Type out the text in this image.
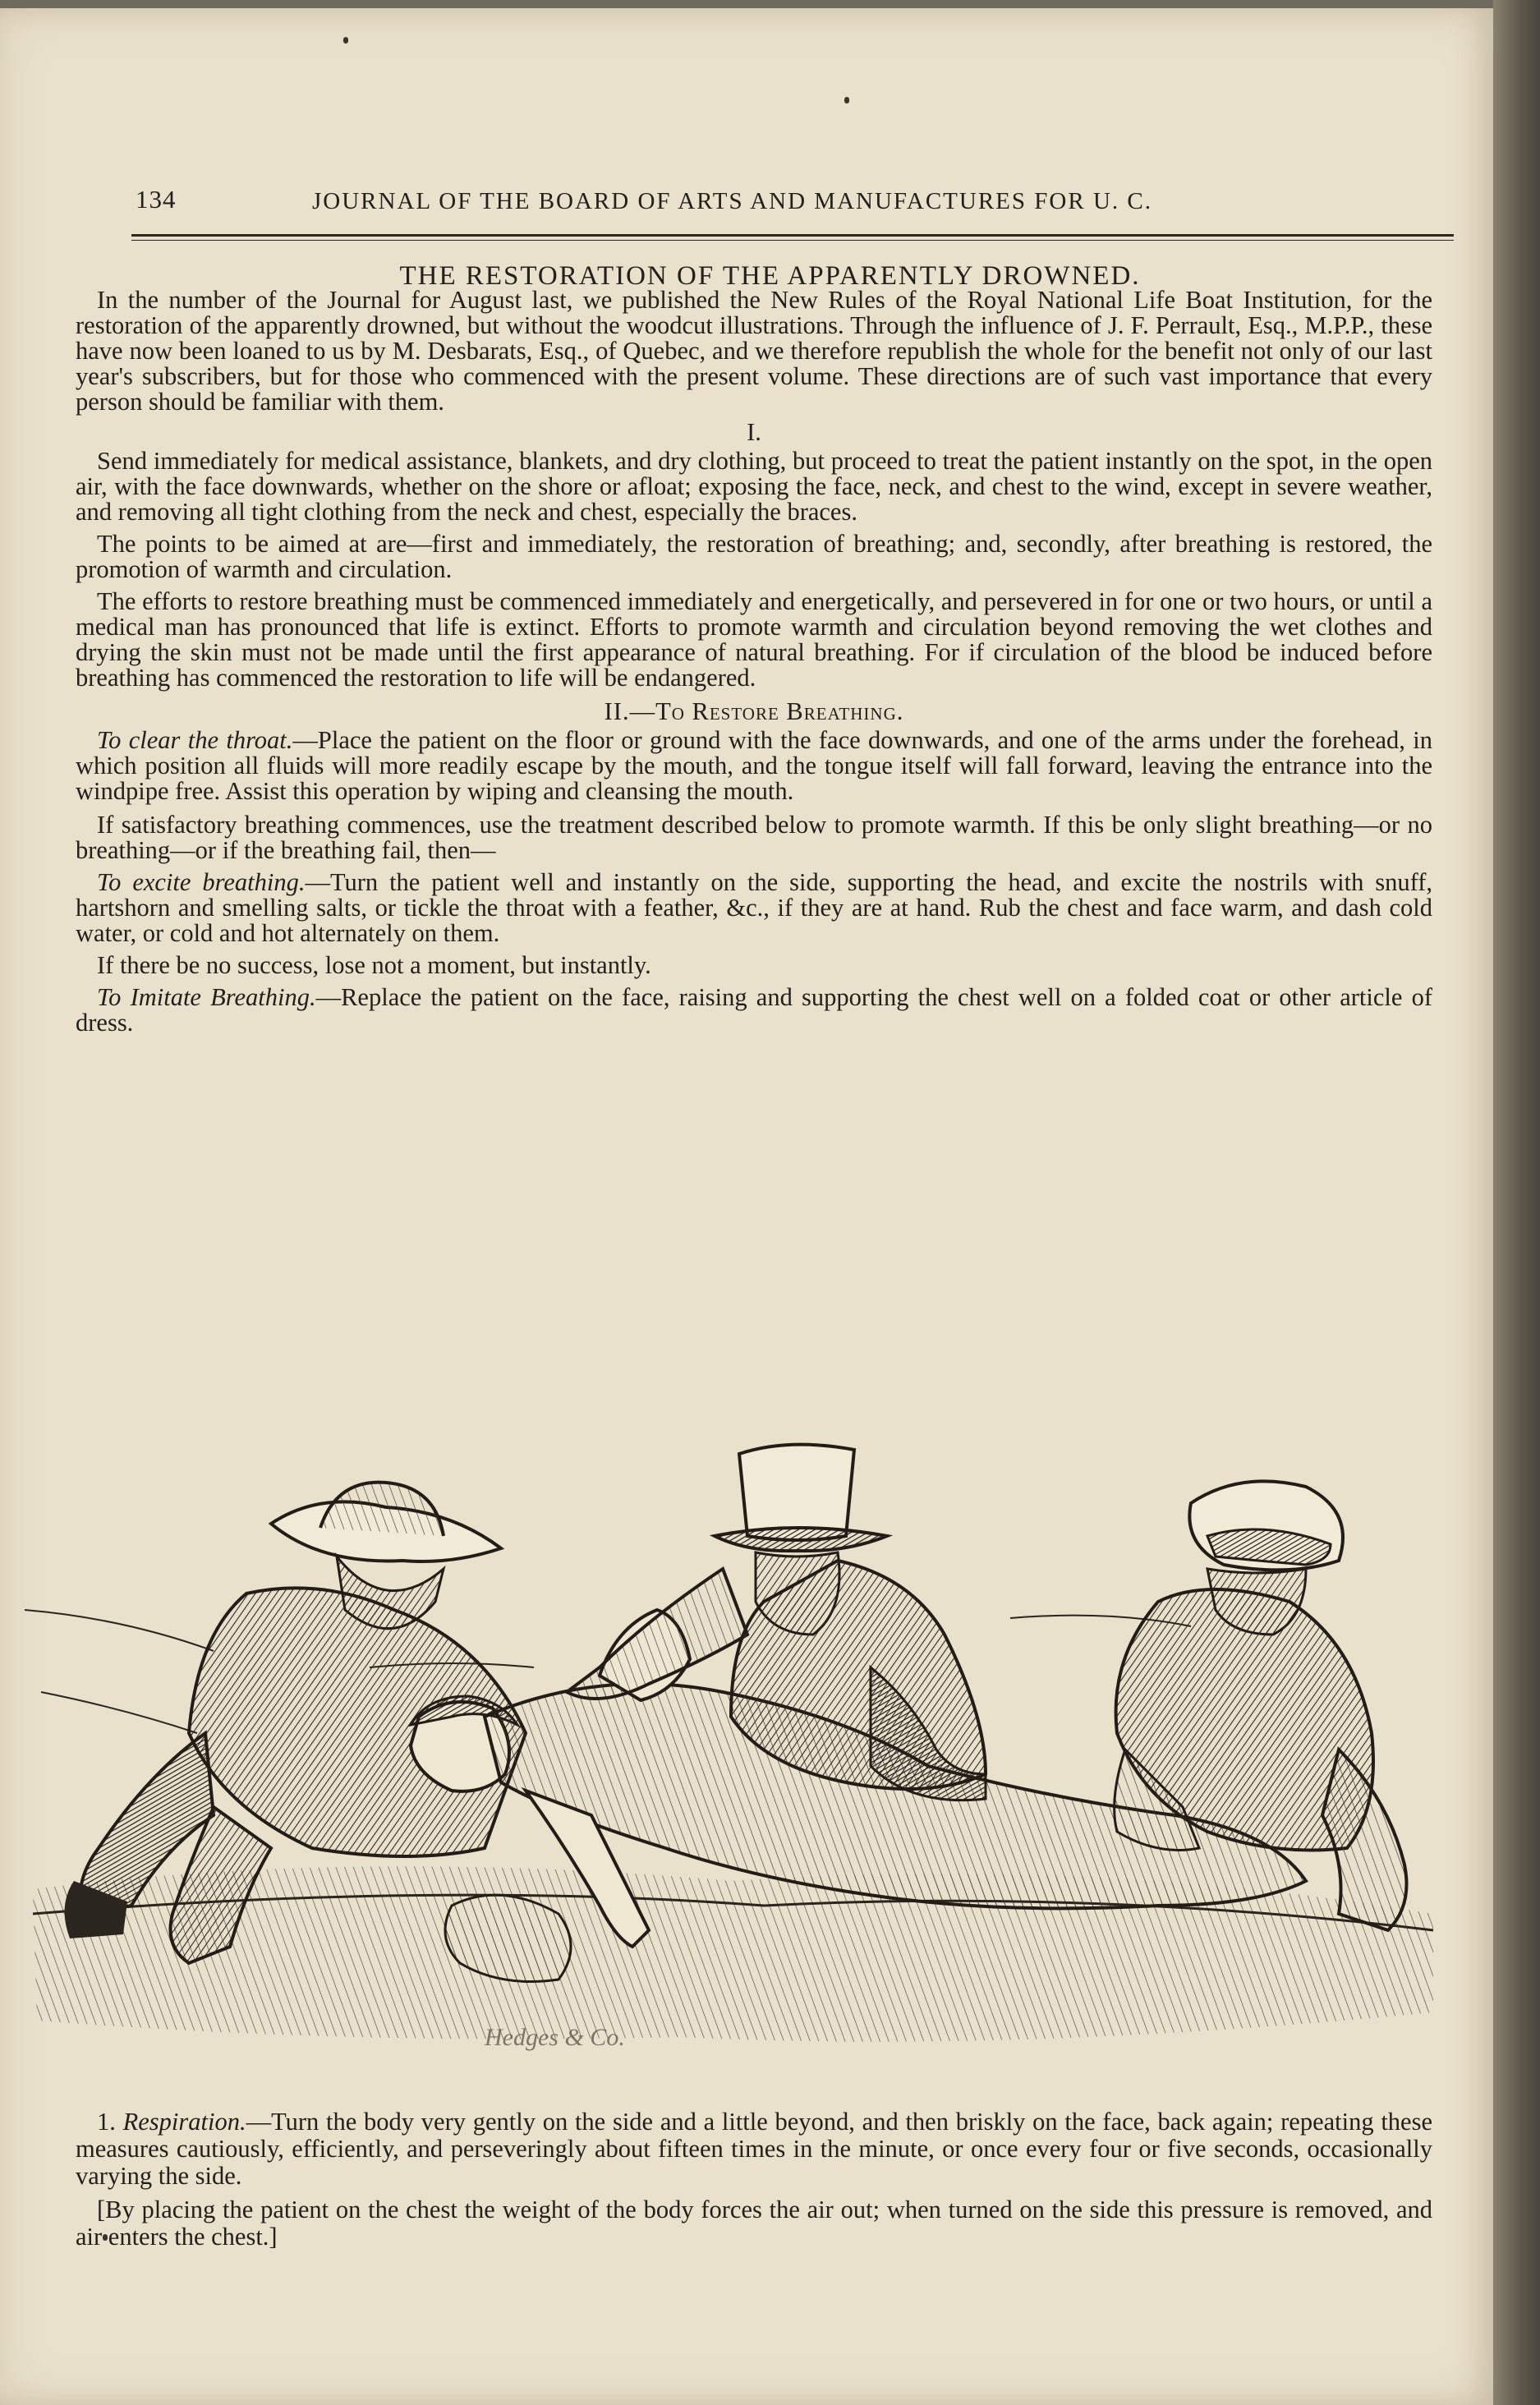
134	JOURNAL OF THE BOARD OF ARTS AND MANUFACTURES FOR U. C.
THE RESTORATION OF THE APPARENTLY DROWNED.

In the number of the Journal for August last, we published the New Rules of the Royal National Life Boat Institution, for the restoration of the apparently drowned, but without the woodcut illustrations. Through the influence of J. F. Perrault, Esq., M.P.P., these have now been loaned to us by M. Desbarats, Esq., of Quebec, and we therefore republish the whole for the benefit not only of our last year's subscribers, but for those who commenced with the present volume. These directions are of such vast importance that every person should be familiar with them.

I.

Send immediately for medical assistance, blankets, and dry clothing, but proceed to treat the patient instantly on the spot, in the open air, with the face downwards, whether on the shore or afloat; exposing the face, neck, and chest to the wind, except in severe weather, and removing all tight clothing from the neck and chest, especially the braces.

The points to be aimed at are—first and immediately, the restoration of breathing; and, secondly, after breathing is restored, the promotion of warmth and circulation.

The efforts to restore breathing must be commenced immediately and energetically, and persevered in for one or two hours, or until a medical man has pronounced that life is extinct. Efforts to promote warmth and circulation beyond removing the wet clothes and drying the skin must not be made until the first appearance of natural breathing. For if circulation of the blood be induced before breathing has commenced the restoration to life will be endangered.

II.—To Restore Breathing.

To clear the throat.—Place the patient on the floor or ground with the face downwards, and one of the arms under the forehead, in which position all fluids will more readily escape by the mouth, and the tongue itself will fall forward, leaving the entrance into the windpipe free. Assist this operation by wiping and cleansing the mouth.

If satisfactory breathing commences, use the treatment described below to promote warmth. If this be only slight breathing—or no breathing—or if the breathing fail, then—

To excite breathing.—Turn the patient well and instantly on the side, supporting the head, and excite the nostrils with snuff, hartshorn and smelling salts, or tickle the throat with a feather, &c., if they are at hand. Rub the chest and face warm, and dash cold water, or cold and hot alternately on them.

If there be no success, lose not a moment, but instantly.

To Imitate Breathing.—Replace the patient on the face, raising and supporting the chest well on a folded coat or other article of dress.

Hedges & Co.

1. Respiration.—Turn the body very gently on the side and a little beyond, and then briskly on the face, back again; repeating these measures cautiously, efficiently, and perseveringly about fifteen times in the minute, or once every four or five seconds, occasionally varying the side.

[By placing the patient on the chest the weight of the body forces the air out; when turned on the side this pressure is removed, and air enters the chest.]
